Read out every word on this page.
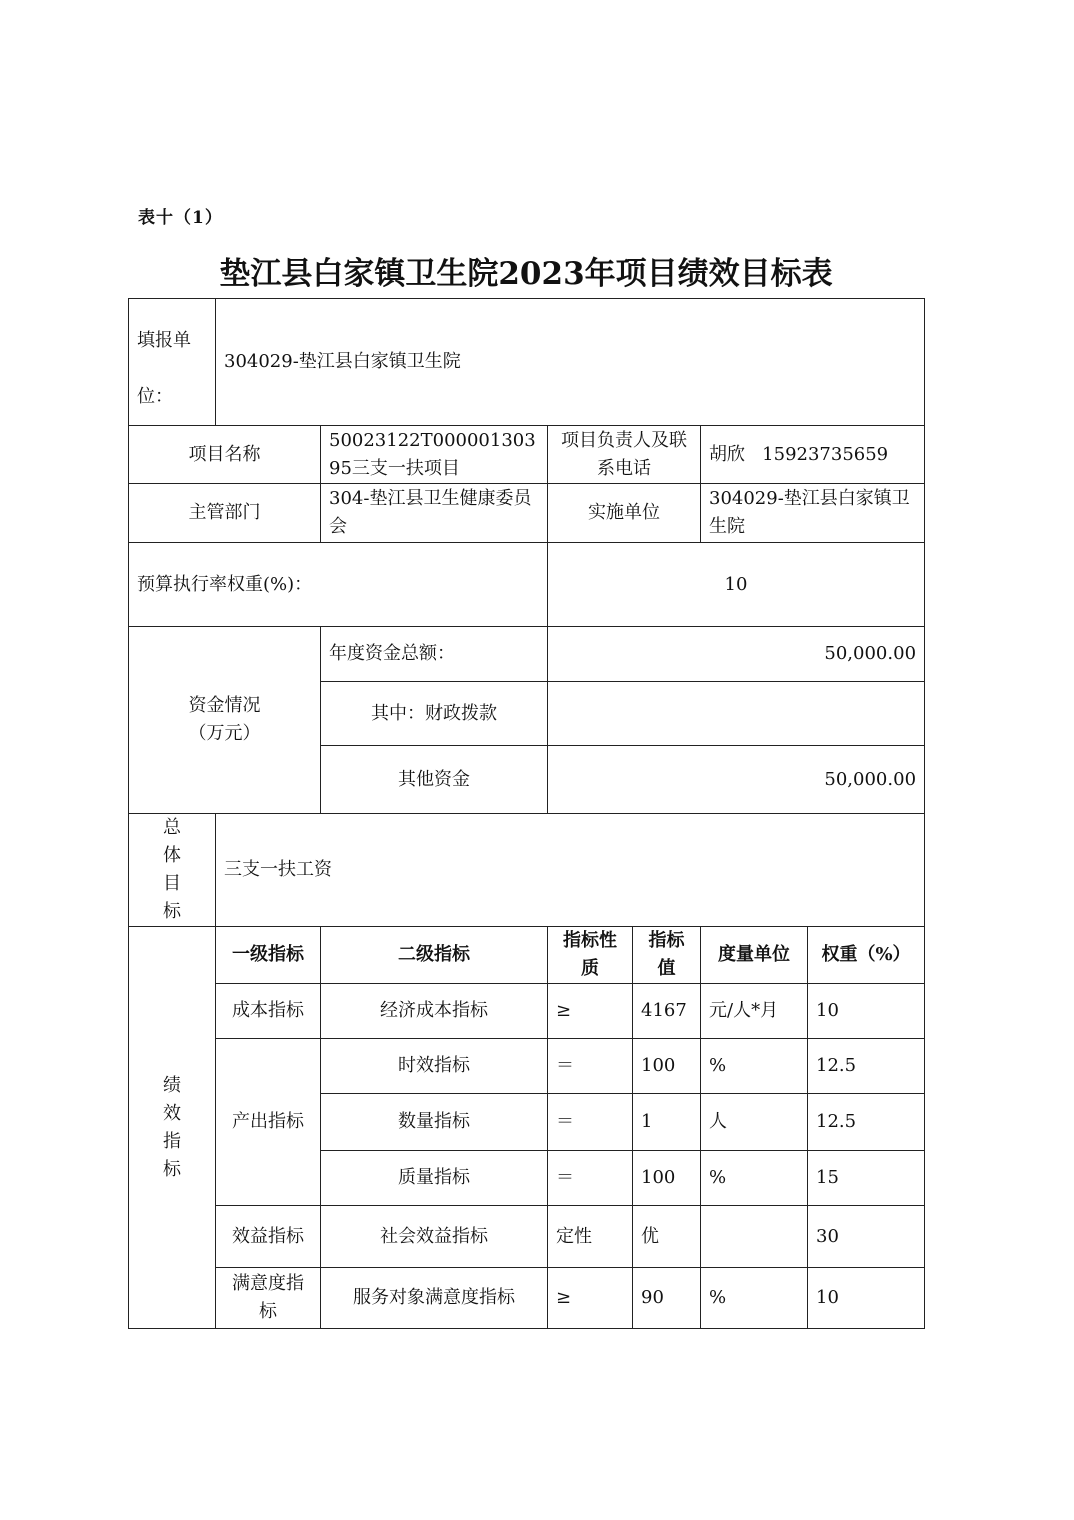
表十（1）
垫江县白家镇卫生院2023年项目绩效目标表
填报单位：	304029-垫江县白家镇卫生院					
项目名称		50023122T00000130395三支一扶项目	项目负责人及联系电话		胡欣   15923735659	
主管部门		304-垫江县卫生健康委员会	实施单位		304029-垫江县白家镇卫生院	
预算执行率权重(%)：			10			
资金情况（万元）		年度资金总额：	50,000.00			
		其中：财政拨款				
		其他资金	50,000.00			
总体目标	三支一扶工资					
绩效指标	一级指标	二级指标	指标性质	指标值	度量单位	权重（%）
	成本指标	经济成本指标	≥	4167	元/人*月	10
	产出指标	时效指标	＝	100	%	12.5
		数量指标	＝	1	人	12.5
		质量指标	＝	100	%	15
	效益指标	社会效益指标	定性	优		30
	满意度指标	服务对象满意度指标	≥	90	%	10
